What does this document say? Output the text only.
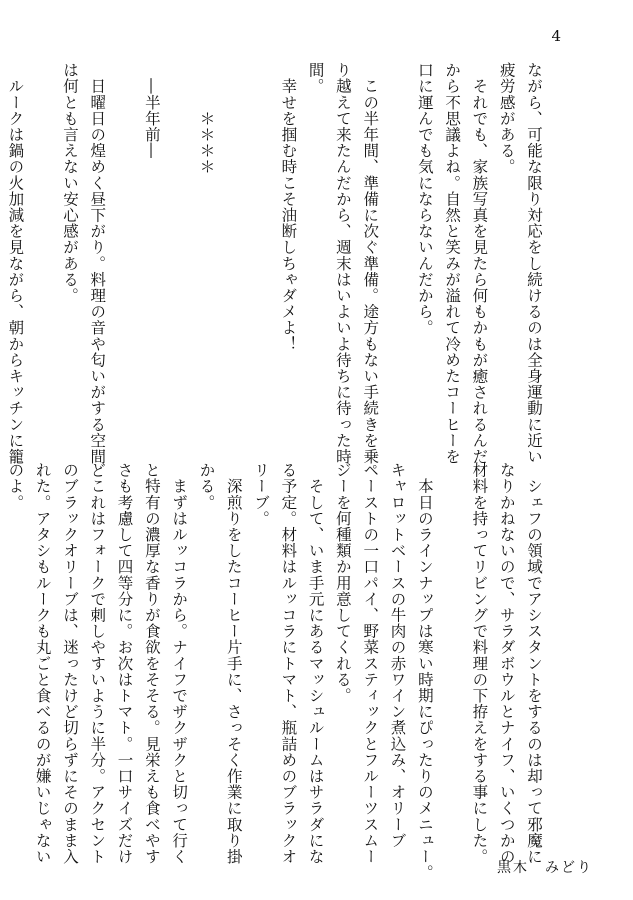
4

ながら、可能な限り対応をし続けるのは全身運動に近い

疲労感がある。

　それでも、家族写真を見たら何もかもが癒されるんだ

から不思議よね。自然と笑みが溢れて冷めたコーヒーを

口に運んでも気にならないんだから。

　この半年間、準備に次ぐ準備。途方もない手続きを乗

り越えて来たんだから、週末はいよいよ待ちに待った時

間。

　幸せを掴む時こそ油断しちゃダメよ！

　　　＊＊＊＊

　―半年前―

　日曜日の煌めく昼下がり。料理の音や匂いがする空間

は何とも言えない安心感がある。

　ルークは鍋の火加減を見ながら、朝からキッチンに籠

　シェフの領域でアシスタントをするのは却って邪魔に

なりかねないので、サラダボウルとナイフ、いくつかの

材料を持ってリビングで料理の下拵えをする事にした。

　本日のラインナップは寒い時期にぴったりのメニュー。

キャロットベースの牛肉の赤ワイン煮込み、オリーブ

ペーストの一口パイ、野菜スティックとフルーツスムー

ジーを何種類か用意してくれる。

　そして、いま手元にあるマッシュルームはサラダにな

る予定。材料はルッコラにトマト、瓶詰めのブラックオ

リーブ。

　深煎りをしたコーヒー片手に、さっそく作業に取り掛

かる。

　まずはルッコラから。ナイフでザクザクと切って行く

と特有の濃厚な香りが食欲をそそる。見栄えも食べやす

さも考慮して四等分に。お次はトマト。一口サイズだけ

どこれはフォークで刺しやすいように半分。アクセント

のブラックオリーブは、迷ったけど切らずにそのまま入

れた。アタシもルークも丸ごと食べるのが嫌いじゃない

のよ。

黒木　みどり
